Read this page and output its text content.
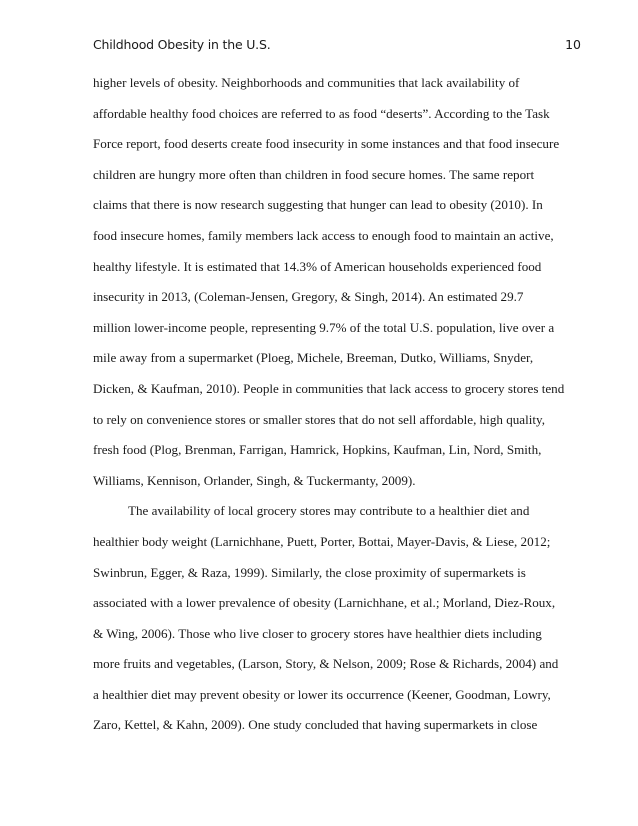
Childhood Obesity in the U.S.	10
higher levels of obesity. Neighborhoods and communities that lack availability of
affordable healthy food choices are referred to as food “deserts”. According to the Task
Force report, food deserts create food insecurity in some instances and that food insecure
children are hungry more often than children in food secure homes. The same report
claims that there is now research suggesting that hunger can lead to obesity (2010). In
food insecure homes, family members lack access to enough food to maintain an active,
healthy lifestyle. It is estimated that 14.3% of American households experienced food
insecurity in 2013, (Coleman-Jensen, Gregory, & Singh, 2014). An estimated 29.7
million lower-income people, representing 9.7% of the total U.S. population, live over a
mile away from a supermarket (Ploeg, Michele, Breeman, Dutko, Williams, Snyder,
Dicken, & Kaufman, 2010). People in communities that lack access to grocery stores tend
to rely on convenience stores or smaller stores that do not sell affordable, high quality,
fresh food (Plog, Brenman, Farrigan, Hamrick, Hopkins, Kaufman, Lin, Nord, Smith,
Williams, Kennison, Orlander, Singh, & Tuckermanty, 2009).
The availability of local grocery stores may contribute to a healthier diet and
healthier body weight (Larnichhane, Puett, Porter, Bottai, Mayer-Davis, & Liese, 2012;
Swinbrun, Egger, & Raza, 1999). Similarly, the close proximity of supermarkets is
associated with a lower prevalence of obesity (Larnichhane, et al.; Morland, Diez-Roux,
& Wing, 2006). Those who live closer to grocery stores have healthier diets including
more fruits and vegetables, (Larson, Story, & Nelson, 2009; Rose & Richards, 2004) and
a healthier diet may prevent obesity or lower its occurrence (Keener, Goodman, Lowry,
Zaro, Kettel, & Kahn, 2009). One study concluded that having supermarkets in close
